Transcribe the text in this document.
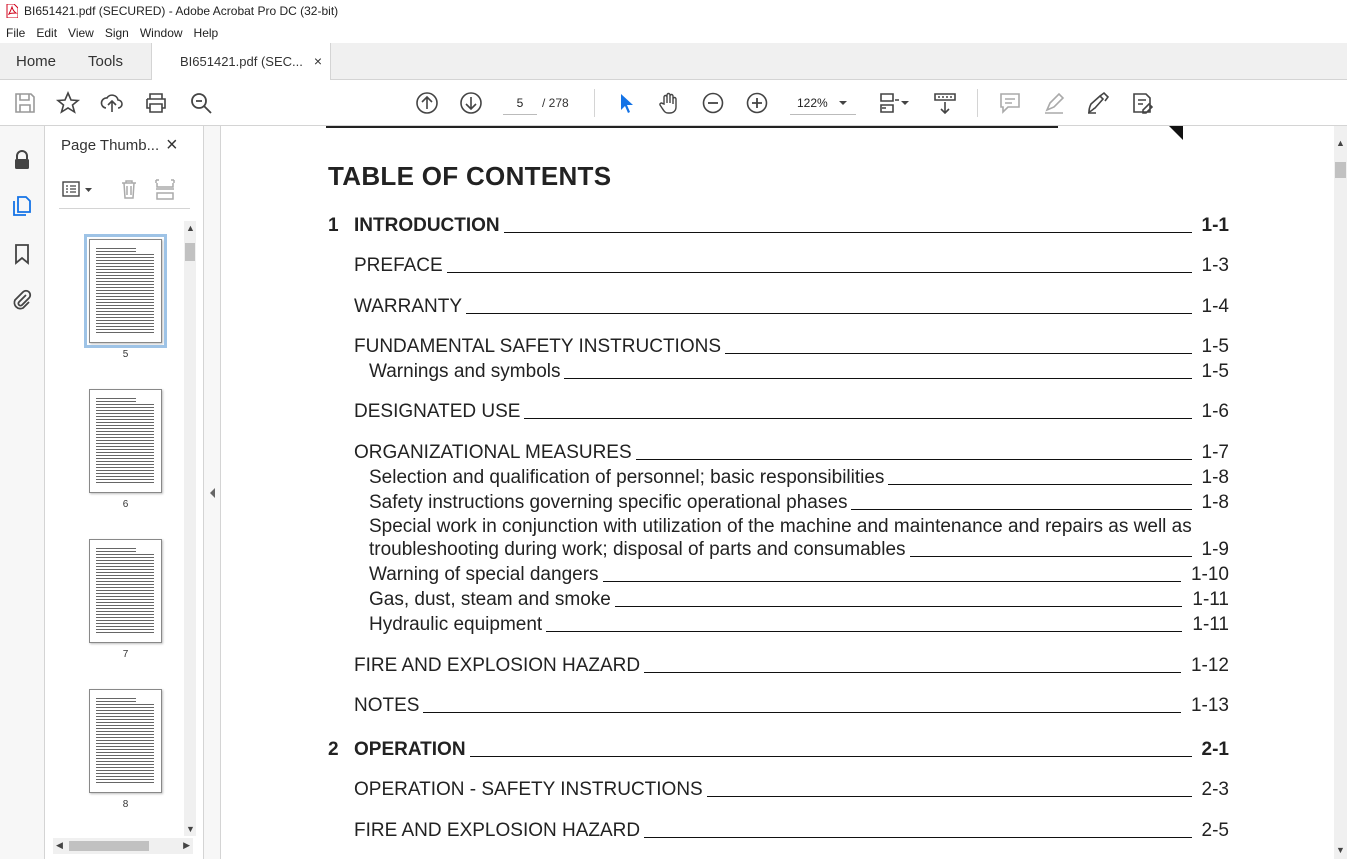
BI651421.pdf (SECURED) - Adobe Acrobat Pro DC (32-bit)
File Edit View Sign Window Help
Home Tools	BI651421.pdf (SEC... ×
5	/ 278	122%
Page Thumb... ×
5
6
7
8
▲
▼
◀	▶
TABLE OF CONTENTS
1 INTRODUCTION	1-1
PREFACE	1-3
WARRANTY	1-4
FUNDAMENTAL SAFETY INSTRUCTIONS	1-5
Warnings and symbols	1-5
DESIGNATED USE	1-6
ORGANIZATIONAL MEASURES	1-7
Selection and qualification of personnel; basic responsibilities	1-8
Safety instructions governing specific operational phases	1-8
Special work in conjunction with utilization of the machine and maintenance and repairs as well as
troubleshooting during work; disposal of parts and consumables	1-9
Warning of special dangers	1-10
Gas, dust, steam and smoke	1-11
Hydraulic equipment	1-11
FIRE AND EXPLOSION HAZARD	1-12
NOTES	1-13
2 OPERATION	2-1
OPERATION - SAFETY INSTRUCTIONS	2-3
FIRE AND EXPLOSION HAZARD	2-5
▲
▼
